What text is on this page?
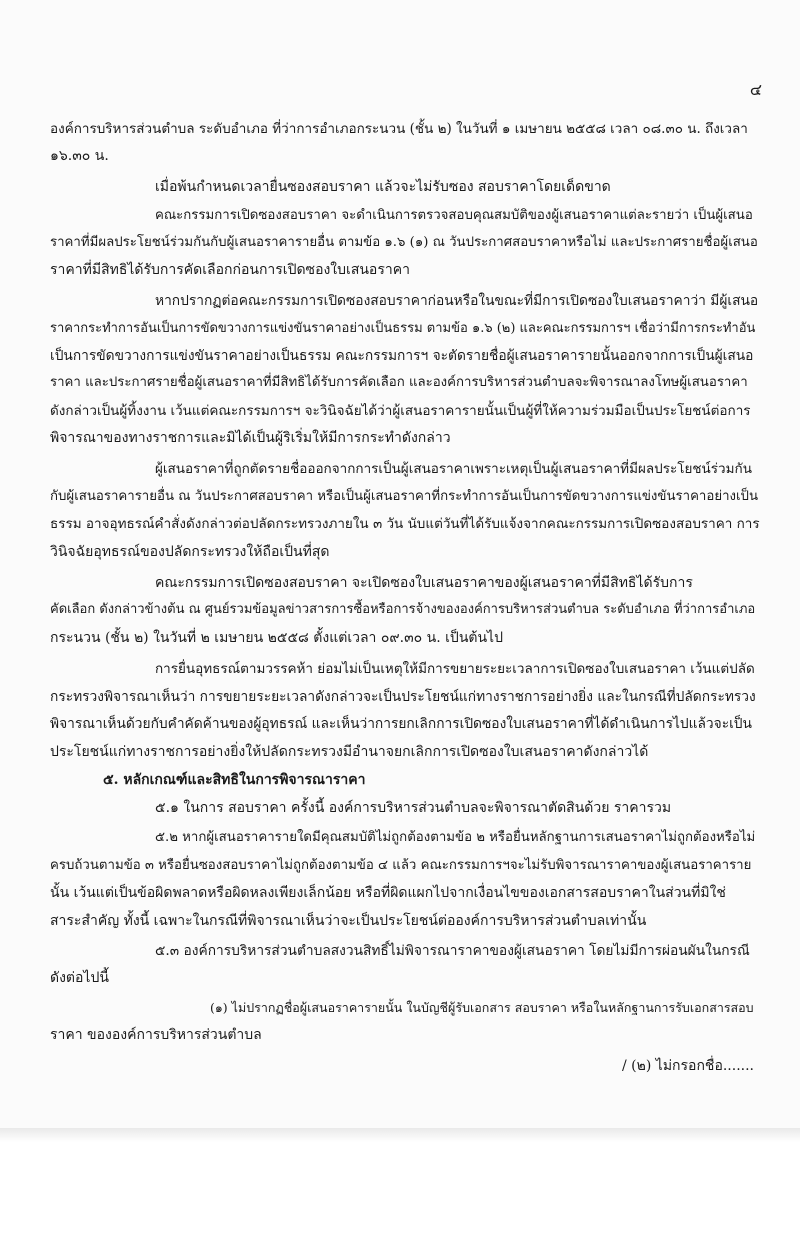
๔
องค์การบริหารส่วนตำบล ระดับอำเภอ ที่ว่าการอำเภอกระนวน (ชั้น ๒) ในวันที่ ๑ เมษายน ๒๕๕๘ เวลา ๐๘.๓๐ น. ถึงเวลา
๑๖.๓๐ น.
เมื่อพ้นกำหนดเวลายื่นซองสอบราคา แล้วจะไม่รับซอง สอบราคาโดยเด็ดขาด
คณะกรรมการเปิดซองสอบราคา จะดำเนินการตรวจสอบคุณสมบัติของผู้เสนอราคาแต่ละรายว่า เป็นผู้เสนอ
ราคาที่มีผลประโยชน์ร่วมกันกับผู้เสนอราคารายอื่น ตามข้อ ๑.๖ (๑) ณ วันประกาศสอบราคาหรือไม่ และประกาศรายชื่อผู้เสนอ
ราคาที่มีสิทธิได้รับการคัดเลือกก่อนการเปิดซองใบเสนอราคา
หากปรากฏต่อคณะกรรมการเปิดซองสอบราคาก่อนหรือในขณะที่มีการเปิดซองใบเสนอราคาว่า มีผู้เสนอ
ราคากระทำการอันเป็นการขัดขวางการแข่งขันราคาอย่างเป็นธรรม ตามข้อ ๑.๖ (๒) และคณะกรรมการฯ เชื่อว่ามีการกระทำอัน
เป็นการขัดขวางการแข่งขันราคาอย่างเป็นธรรม คณะกรรมการฯ จะตัดรายชื่อผู้เสนอราคารายนั้นออกจากการเป็นผู้เสนอ
ราคา และประกาศรายชื่อผู้เสนอราคาที่มีสิทธิได้รับการคัดเลือก และองค์การบริหารส่วนตำบลจะพิจารณาลงโทษผู้เสนอราคา
ดังกล่าวเป็นผู้ทิ้งงาน เว้นแต่คณะกรรมการฯ จะวินิจฉัยได้ว่าผู้เสนอราคารายนั้นเป็นผู้ที่ให้ความร่วมมือเป็นประโยชน์ต่อการ
พิจารณาของทางราชการและมิได้เป็นผู้ริเริ่มให้มีการกระทำดังกล่าว
ผู้เสนอราคาที่ถูกตัดรายชื่อออกจากการเป็นผู้เสนอราคาเพราะเหตุเป็นผู้เสนอราคาที่มีผลประโยชน์ร่วมกัน
กับผู้เสนอราคารายอื่น ณ วันประกาศสอบราคา หรือเป็นผู้เสนอราคาที่กระทำการอันเป็นการขัดขวางการแข่งขันราคาอย่างเป็น
ธรรม อาจอุทธรณ์คำสั่งดังกล่าวต่อปลัดกระทรวงภายใน ๓ วัน นับแต่วันที่ได้รับแจ้งจากคณะกรรมการเปิดซองสอบราคา การ
วินิจฉัยอุทธรณ์ของปลัดกระทรวงให้ถือเป็นที่สุด
คณะกรรมการเปิดซองสอบราคา จะเปิดซองใบเสนอราคาของผู้เสนอราคาที่มีสิทธิได้รับการ
คัดเลือก ดังกล่าวข้างต้น ณ ศูนย์รวมข้อมูลข่าวสารการซื้อหรือการจ้างขององค์การบริหารส่วนตำบล ระดับอำเภอ ที่ว่าการอำเภอ
กระนวน (ชั้น ๒) ในวันที่ ๒ เมษายน ๒๕๕๘ ตั้งแต่เวลา ๐๙.๓๐ น. เป็นต้นไป
การยื่นอุทธรณ์ตามวรรคห้า ย่อมไม่เป็นเหตุให้มีการขยายระยะเวลาการเปิดซองใบเสนอราคา เว้นแต่ปลัด
กระทรวงพิจารณาเห็นว่า การขยายระยะเวลาดังกล่าวจะเป็นประโยชน์แก่ทางราชการอย่างยิ่ง และในกรณีที่ปลัดกระทรวง
พิจารณาเห็นด้วยกับคำคัดค้านของผู้อุทธรณ์ และเห็นว่าการยกเลิกการเปิดซองใบเสนอราคาที่ได้ดำเนินการไปแล้วจะเป็น
ประโยชน์แก่ทางราชการอย่างยิ่งให้ปลัดกระทรวงมีอำนาจยกเลิกการเปิดซองใบเสนอราคาดังกล่าวได้
๕. หลักเกณฑ์และสิทธิในการพิจารณาราคา
๕.๑ ในการ สอบราคา ครั้งนี้ องค์การบริหารส่วนตำบลจะพิจารณาตัดสินด้วย ราคารวม
๕.๒ หากผู้เสนอราคารายใดมีคุณสมบัติไม่ถูกต้องตามข้อ ๒ หรือยื่นหลักฐานการเสนอราคาไม่ถูกต้องหรือไม่
ครบถ้วนตามข้อ ๓ หรือยื่นซองสอบราคาไม่ถูกต้องตามข้อ ๔ แล้ว คณะกรรมการฯจะไม่รับพิจารณาราคาของผู้เสนอราคาราย
นั้น เว้นแต่เป็นข้อผิดพลาดหรือผิดหลงเพียงเล็กน้อย หรือที่ผิดแผกไปจากเงื่อนไขของเอกสารสอบราคาในส่วนที่มิใช่
สาระสำคัญ ทั้งนี้ เฉพาะในกรณีที่พิจารณาเห็นว่าจะเป็นประโยชน์ต่อองค์การบริหารส่วนตำบลเท่านั้น
๕.๓ องค์การบริหารส่วนตำบลสงวนสิทธิ์ไม่พิจารณาราคาของผู้เสนอราคา โดยไม่มีการผ่อนผันในกรณี
ดังต่อไปนี้
(๑) ไม่ปรากฏชื่อผู้เสนอราคารายนั้น ในบัญชีผู้รับเอกสาร สอบราคา หรือในหลักฐานการรับเอกสารสอบ
ราคา ขององค์การบริหารส่วนตำบล
/ (๒) ไม่กรอกชื่อ.......
